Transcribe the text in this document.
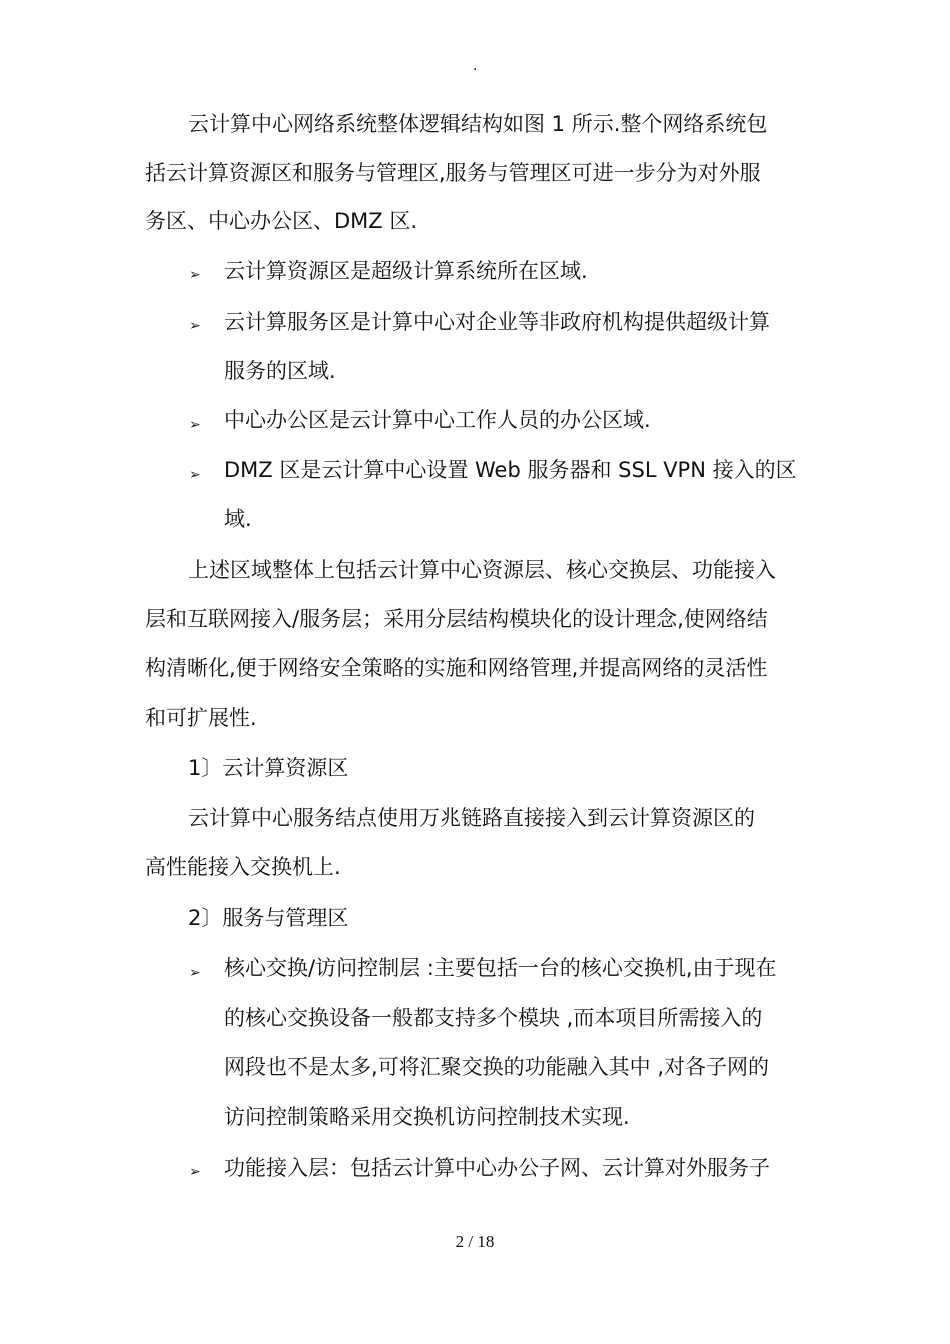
.
云计算中心网络系统整体逻辑结构如图 1 所示.整个网络系统包
括云计算资源区和服务与管理区,服务与管理区可进一步分为对外服
务区、中心办公区、DMZ 区.
➢ 云计算资源区是超级计算系统所在区域.
➢ 云计算服务区是计算中心对企业等非政府机构提供超级计算
服务的区域.
➢ 中心办公区是云计算中心工作人员的办公区域.
➢ DMZ 区是云计算中心设置 Web 服务器和 SSL VPN 接入的区
域.
上述区域整体上包括云计算中心资源层、核心交换层、功能接入
层和互联网接入/服务层；采用分层结构模块化的设计理念,使网络结
构清晰化,便于网络安全策略的实施和网络管理,并提高网络的灵活性
和可扩展性.
1〕云计算资源区
云计算中心服务结点使用万兆链路直接接入到云计算资源区的
高性能接入交换机上.
2〕服务与管理区
➢ 核心交换/访问控制层 :主要包括一台的核心交换机,由于现在
的核心交换设备一般都支持多个模块 ,而本项目所需接入的
网段也不是太多,可将汇聚交换的功能融入其中 ,对各子网的
访问控制策略采用交换机访问控制技术实现.
➢ 功能接入层：包括云计算中心办公子网、云计算对外服务子
2 / 18
